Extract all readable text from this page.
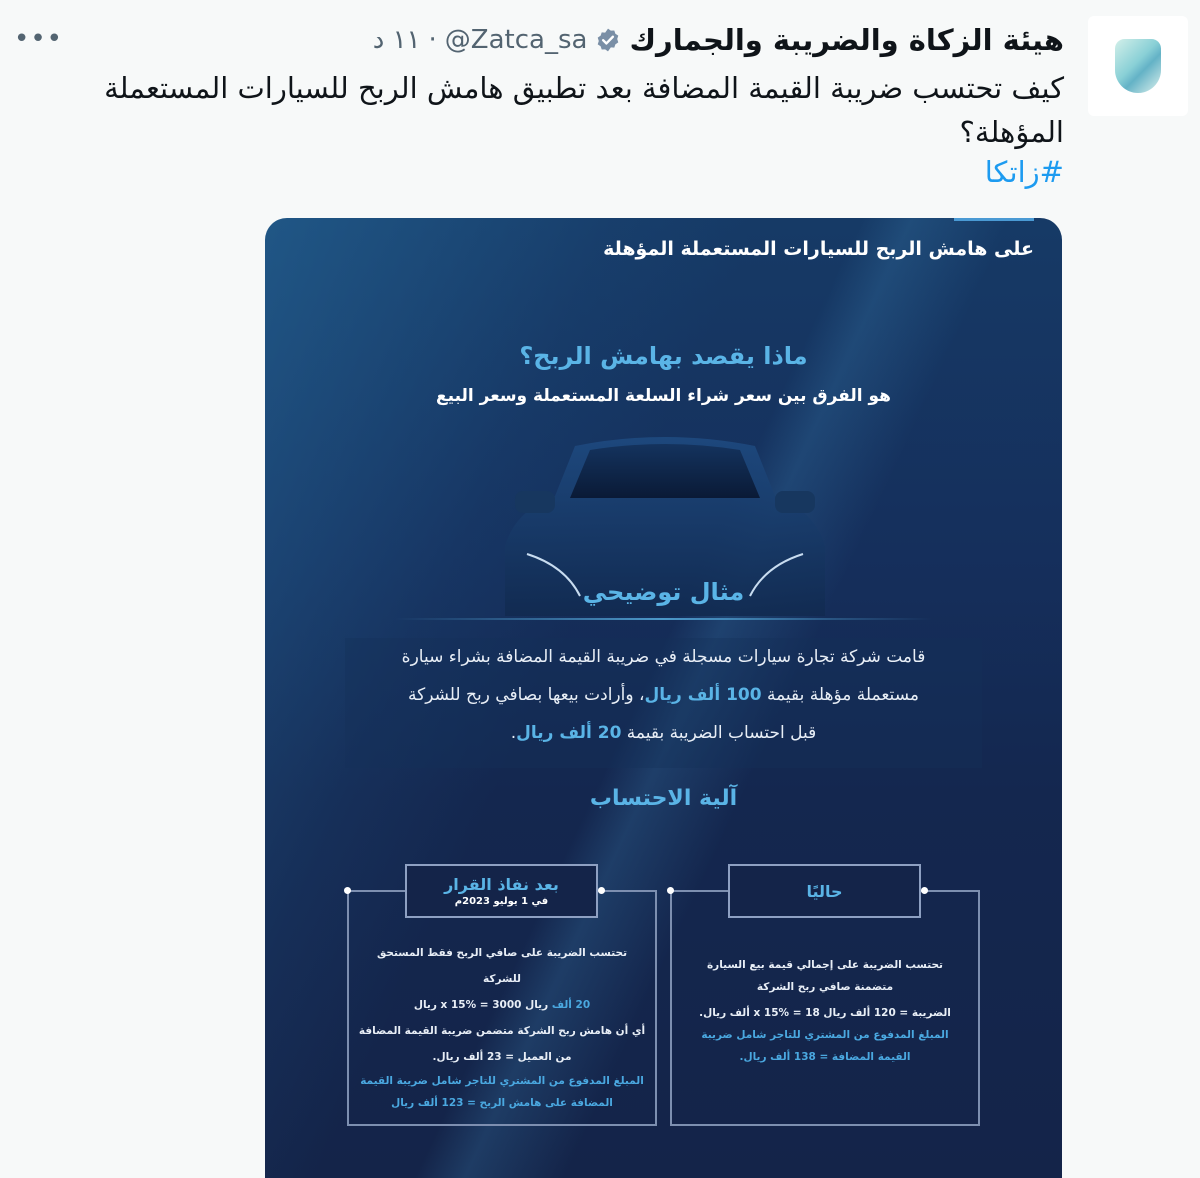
هيئة الزكاة والضريبة والجمارك
@Zatca_sa
·
١١ د
•••
كيف تحتسب ضريبة القيمة المضافة بعد تطبيق هامش الربح للسيارات المستعملة المؤهلة؟
#زاتكا
على هامش الربح للسيارات المستعملة المؤهلة
ماذا يقصد بهامش الربح؟
هو الفرق بين سعر شراء السلعة المستعملة وسعر البيع
مثال توضيحي
قامت شركة تجارة سيارات مسجلة في ضريبة القيمة المضافة بشراء سيارة
مستعملة مؤهلة بقيمة 100 ألف ريال، وأرادت بيعها بصافي ربح للشركة
قبل احتساب الضريبة بقيمة 20 ألف ريال.
آلية الاحتساب
بعد نفاذ القرار
في 1 يوليو 2023م
تحتسب الضريبة على صافي الربح فقط المستحق للشركة
20 ألف ريال x 15% = 3000 ريال
أي أن هامش ربح الشركة متضمن ضريبة القيمة المضافة
من العميل = 23 ألف ريال.
المبلغ المدفوع من المشتري للتاجر شامل ضريبة القيمة
المضافة على هامش الربح = 123 ألف ريال
حاليًا
تحتسب الضريبة على إجمالي قيمة بيع السيارة
متضمنة صافي ربح الشركة
الضريبة = 120 ألف ريال x 15% = 18 ألف ريال.
المبلغ المدفوع من المشتري للتاجر شامل ضريبة
القيمة المضافة = 138 ألف ريال.
